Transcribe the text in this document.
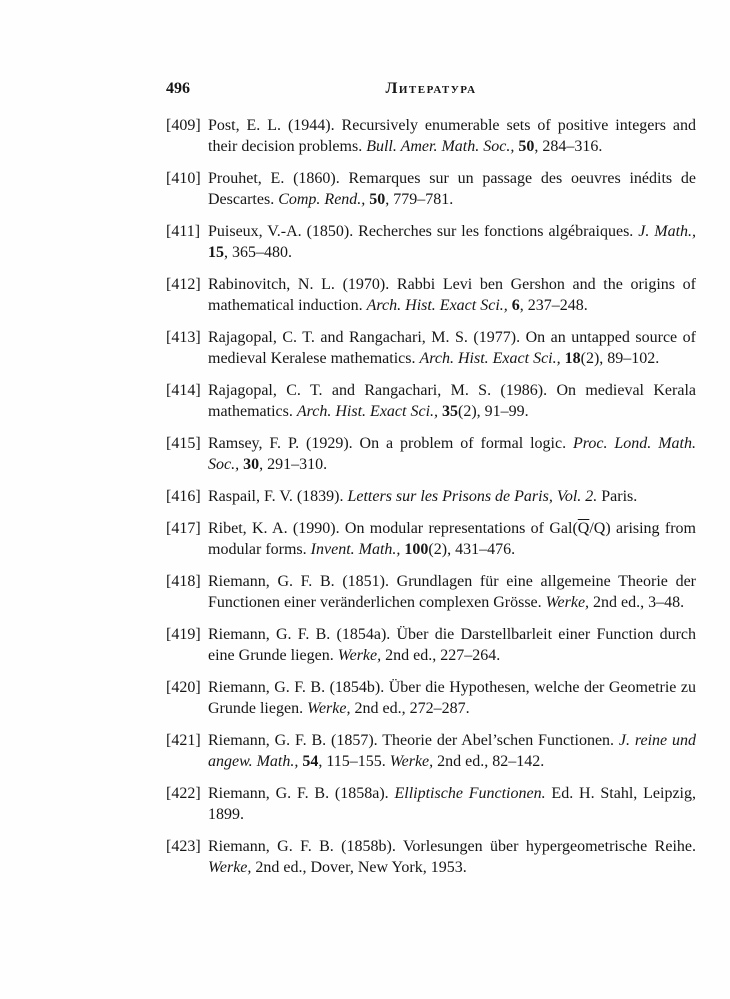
496	Литература
[409] Post, E. L. (1944). Recursively enumerable sets of positive integers and their decision problems. Bull. Amer. Math. Soc., 50, 284–316.
[410] Prouhet, E. (1860). Remarques sur un passage des oeuvres inédits de Descartes. Comp. Rend., 50, 779–781.
[411] Puiseux, V.-A. (1850). Recherches sur les fonctions algébraiques. J. Math., 15, 365–480.
[412] Rabinovitch, N. L. (1970). Rabbi Levi ben Gershon and the origins of mathematical induction. Arch. Hist. Exact Sci., 6, 237–248.
[413] Rajagopal, C. T. and Rangachari, M. S. (1977). On an untapped source of medieval Keralese mathematics. Arch. Hist. Exact Sci., 18(2), 89–102.
[414] Rajagopal, C. T. and Rangachari, M. S. (1986). On medieval Kerala mathematics. Arch. Hist. Exact Sci., 35(2), 91–99.
[415] Ramsey, F. P. (1929). On a problem of formal logic. Proc. Lond. Math. Soc., 30, 291–310.
[416] Raspail, F. V. (1839). Letters sur les Prisons de Paris, Vol. 2. Paris.
[417] Ribet, K. A. (1990). On modular representations of $Gal(\overline{Q}/Q)$ arising from modular forms. Invent. Math., 100(2), 431–476.
[418] Riemann, G. F. B. (1851). Grundlagen für eine allgemeine Theorie der Functionen einer veränderlichen complexen Grösse. Werke, 2nd ed., 3–48.
[419] Riemann, G. F. B. (1854a). Über die Darstellbarleit einer Function durch eine Grunde liegen. Werke, 2nd ed., 227–264.
[420] Riemann, G. F. B. (1854b). Über die Hypothesen, welche der Geometrie zu Grunde liegen. Werke, 2nd ed., 272–287.
[421] Riemann, G. F. B. (1857). Theorie der Abel’schen Functionen. J. reine und angew. Math., 54, 115–155. Werke, 2nd ed., 82–142.
[422] Riemann, G. F. B. (1858a). Elliptische Functionen. Ed. H. Stahl, Leipzig, 1899.
[423] Riemann, G. F. B. (1858b). Vorlesungen über hypergeometrische Reihe. Werke, 2nd ed., Dover, New York, 1953.
